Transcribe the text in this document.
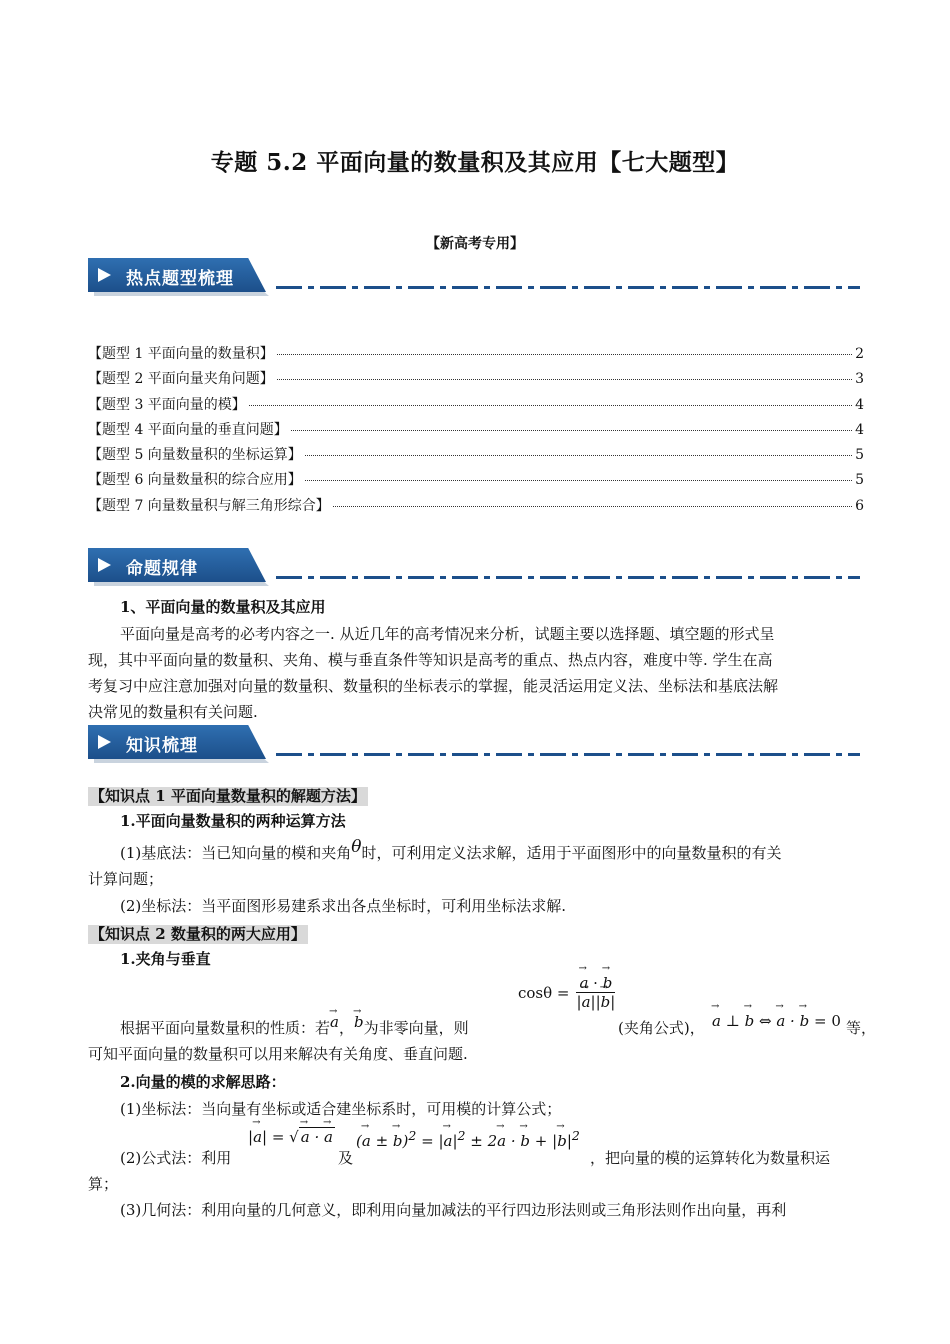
专题 5.2 平面向量的数量积及其应用【七大题型】
【新高考专用】
热点题型梳理
【题型 1 平面向量的数量积】	2
【题型 2 平面向量夹角问题】	3
【题型 3 平面向量的模】	4
【题型 4 平面向量的垂直问题】	4
【题型 5 向量数量积的坐标运算】	5
【题型 6 向量数量积的综合应用】	5
【题型 7 向量数量积与解三角形综合】	6
命题规律
1、平面向量的数量积及其应用
平面向量是高考的必考内容之一. 从近几年的高考情况来分析，试题主要以选择题、填空题的形式呈
现，其中平面向量的数量积、夹角、模与垂直条件等知识是高考的重点、热点内容，难度中等. 学生在高
考复习中应注意加强对向量的数量积、数量积的坐标表示的掌握，能灵活运用定义法、坐标法和基底法解
决常见的数量积有关问题.
知识梳理
【知识点 1 平面向量数量积的解题方法】
1.平面向量数量积的两种运算方法
(1)基底法：当已知向量的模和夹角θ时，可利用定义法求解，适用于平面图形中的向量数量积的有关
计算问题；
(2)坐标法：当平面图形易建系求出各点坐标时，可利用坐标法求解.
【知识点 2 数量积的两大应用】
1.夹角与垂直
cosθ = → $\frac{a \cdot \to b}{|\to a||\to b|}$
根据平面向量数量积的性质：若→ a，→ b为非零向量，则	(夹角公式)， → a ⊥ → b ⇔ → a · → b = 0 等，
可知平面向量的数量积可以用来解决有关角度、垂直问题.
2.向量的模的求解思路：
(1)坐标法：当向量有坐标或适合建坐标系时，可用模的计算公式；
(2)公式法：利用
|→ a| = √ → a · → a
及
(→ a ± → b)$^2$ = |→ $a|^2 \pm 2\to a$ · → b + |→ $b|^2$
，把向量的模的运算转化为数量积运
算；
(3)几何法：利用向量的几何意义，即利用向量加减法的平行四边形法则或三角形法则作出向量，再利
